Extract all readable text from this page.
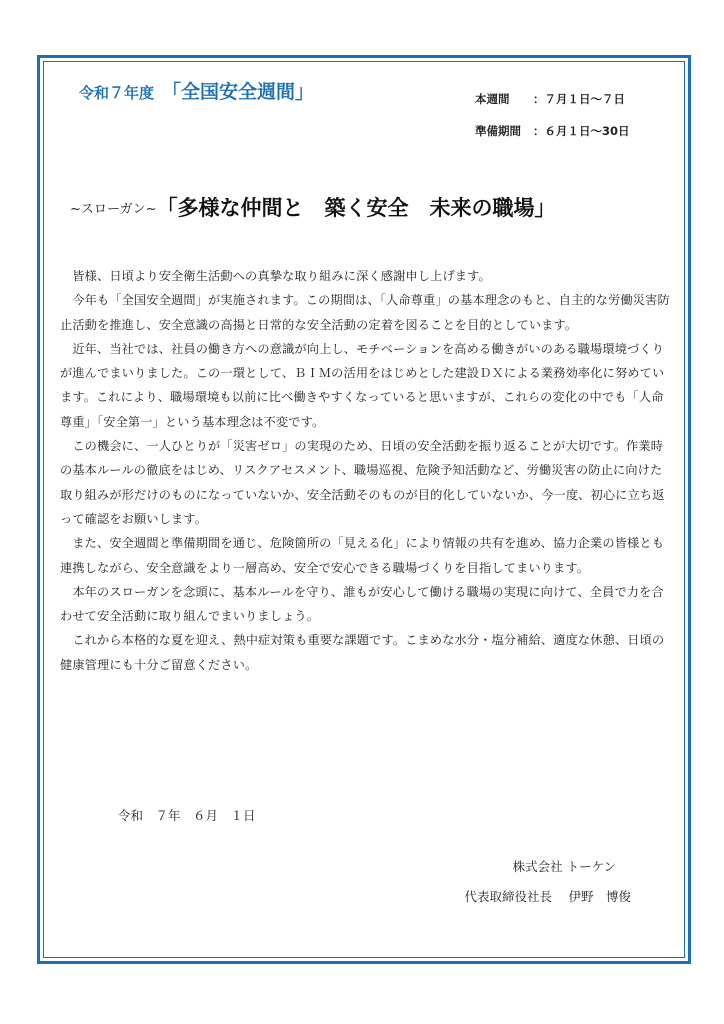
令和７年度 「全国安全週間」	本週間 ：７月１日～７日
準備期間 ：６月１日～30日
~スローガン~「多様な仲間と　築く安全　未来の職場」

　皆様、日頃より安全衛生活動への真摯な取り組みに深く感謝申し上げます。

　今年も「全国安全週間」が実施されます。この期間は、「人命尊重」の基本理念のもと、自主的な労働災害防止活動を推進し、安全意識の高揚と日常的な安全活動の定着を図ることを目的としています。

　近年、当社では、社員の働き方への意識が向上し、モチベーションを高める働きがいのある職場環境づくりが進んでまいりました。この一環として、ＢＩＭの活用をはじめとした建設ＤＸによる業務効率化に努めています。これにより、職場環境も以前に比べ働きやすくなっていると思いますが、これらの変化の中でも「人命尊重」「安全第一」という基本理念は不変です。

　この機会に、一人ひとりが「災害ゼロ」の実現のため、日頃の安全活動を振り返ることが大切です。作業時の基本ルールの徹底をはじめ、リスクアセスメント、職場巡視、危険予知活動など、労働災害の防止に向けた取り組みが形だけのものになっていないか、安全活動そのものが目的化していないか、今一度、初心に立ち返って確認をお願いします。

　また、安全週間と準備期間を通じ、危険箇所の「見える化」により情報の共有を進め、協力企業の皆様とも連携しながら、安全意識をより一層高め、安全で安心できる職場づくりを目指してまいります。

　本年のスローガンを念頭に、基本ルールを守り、誰もが安心して働ける職場の実現に向けて、全員で力を合わせて安全活動に取り組んでまいりましょう。

　これから本格的な夏を迎え、熱中症対策も重要な課題です。こまめな水分・塩分補給、適度な休憩、日頃の健康管理にも十分ご留意ください。

令和　７年　６月　１日

株式会社 トーケン

代表取締役社長　 伊野　博俊
